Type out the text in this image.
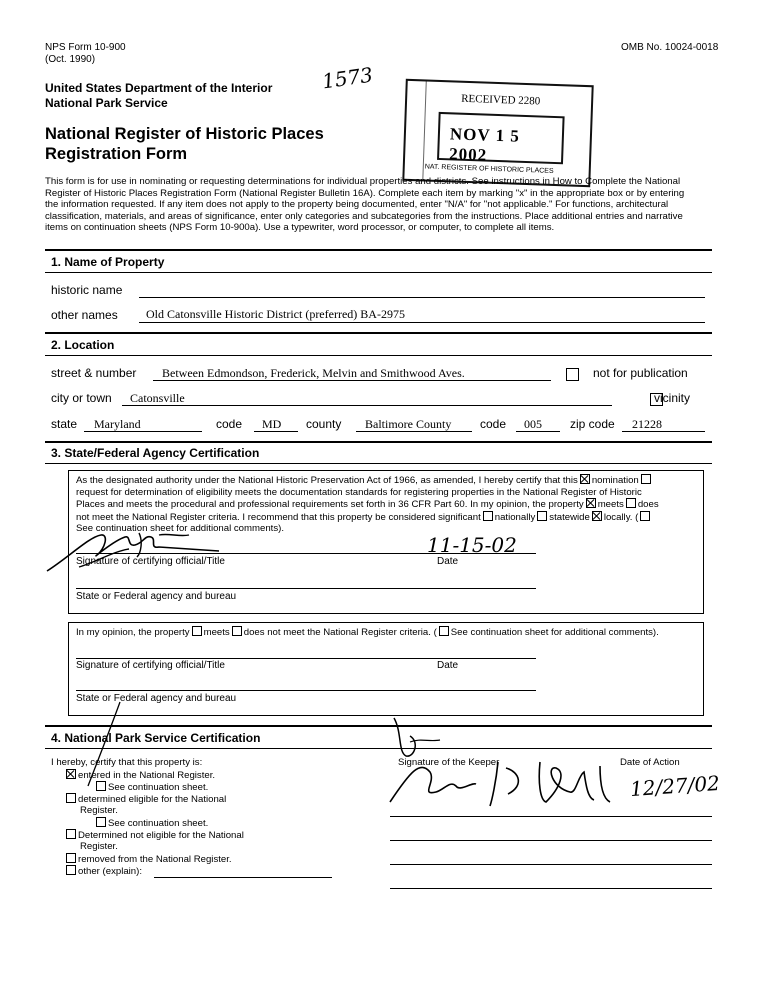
NPS Form 10-900
(Oct. 1990)
OMB No. 10024-0018
United States Department of the Interior
National Park Service
National Register of Historic Places
Registration Form
1573
RECEIVED 2280
NOV 1 5 2002
NAT. REGISTER OF HISTORIC PLACES
This form is for use in nominating or requesting determinations for individual properties and districts. See instructions in How to Complete the National
Register of Historic Places Registration Form (National Register Bulletin 16A). Complete each item by marking "x" in the appropriate box or by entering
the information requested. If any item does not apply to the property being documented, enter "N/A" for "not applicable." For functions, architectural
classification, materials, and areas of significance, enter only categories and subcategories from the instructions. Place additional entries and narrative
items on continuation sheets (NPS Form 10-900a). Use a typewriter, word processor, or computer, to complete all items.
1. Name of Property
historic name
other names Old Catonsville Historic District (preferred) BA-2975
2. Location
street & number Between Edmondson, Frederick, Melvin and Smithwood Aves.
	not for publication
city or town Catonsville	vicinity
state Maryland	code MD county Baltimore County code 005 zip code 21228
3. State/Federal Agency Certification
As the designated authority under the National Historic Preservation Act of 1966, as amended, I hereby certify that this nomination
request for determination of eligibility meets the documentation standards for registering properties in the National Register of Historic
Places and meets the procedural and professional requirements set forth in 36 CFR Part 60. In my opinion, the property meets does
not meet the National Register criteria. I recommend that this property be considered significant nationally statewide locally. (
See continuation sheet for additional comments).
Signature of certifying official/Title
11-15-02
Date
State or Federal agency and bureau
In my opinion, the property meets does not meet the National Register criteria. ( See continuation sheet for additional comments).
Signature of certifying official/Title	Date
State or Federal agency and bureau
4. National Park Service Certification
I hereby, certify that this property is:
entered in the National Register.
See continuation sheet.
determined eligible for the National
Register.
See continuation sheet.
Determined not eligible for the National
Register.
removed from the National Register.
other (explain):
Signature of the Keeper	Date of Action
12/27/02
